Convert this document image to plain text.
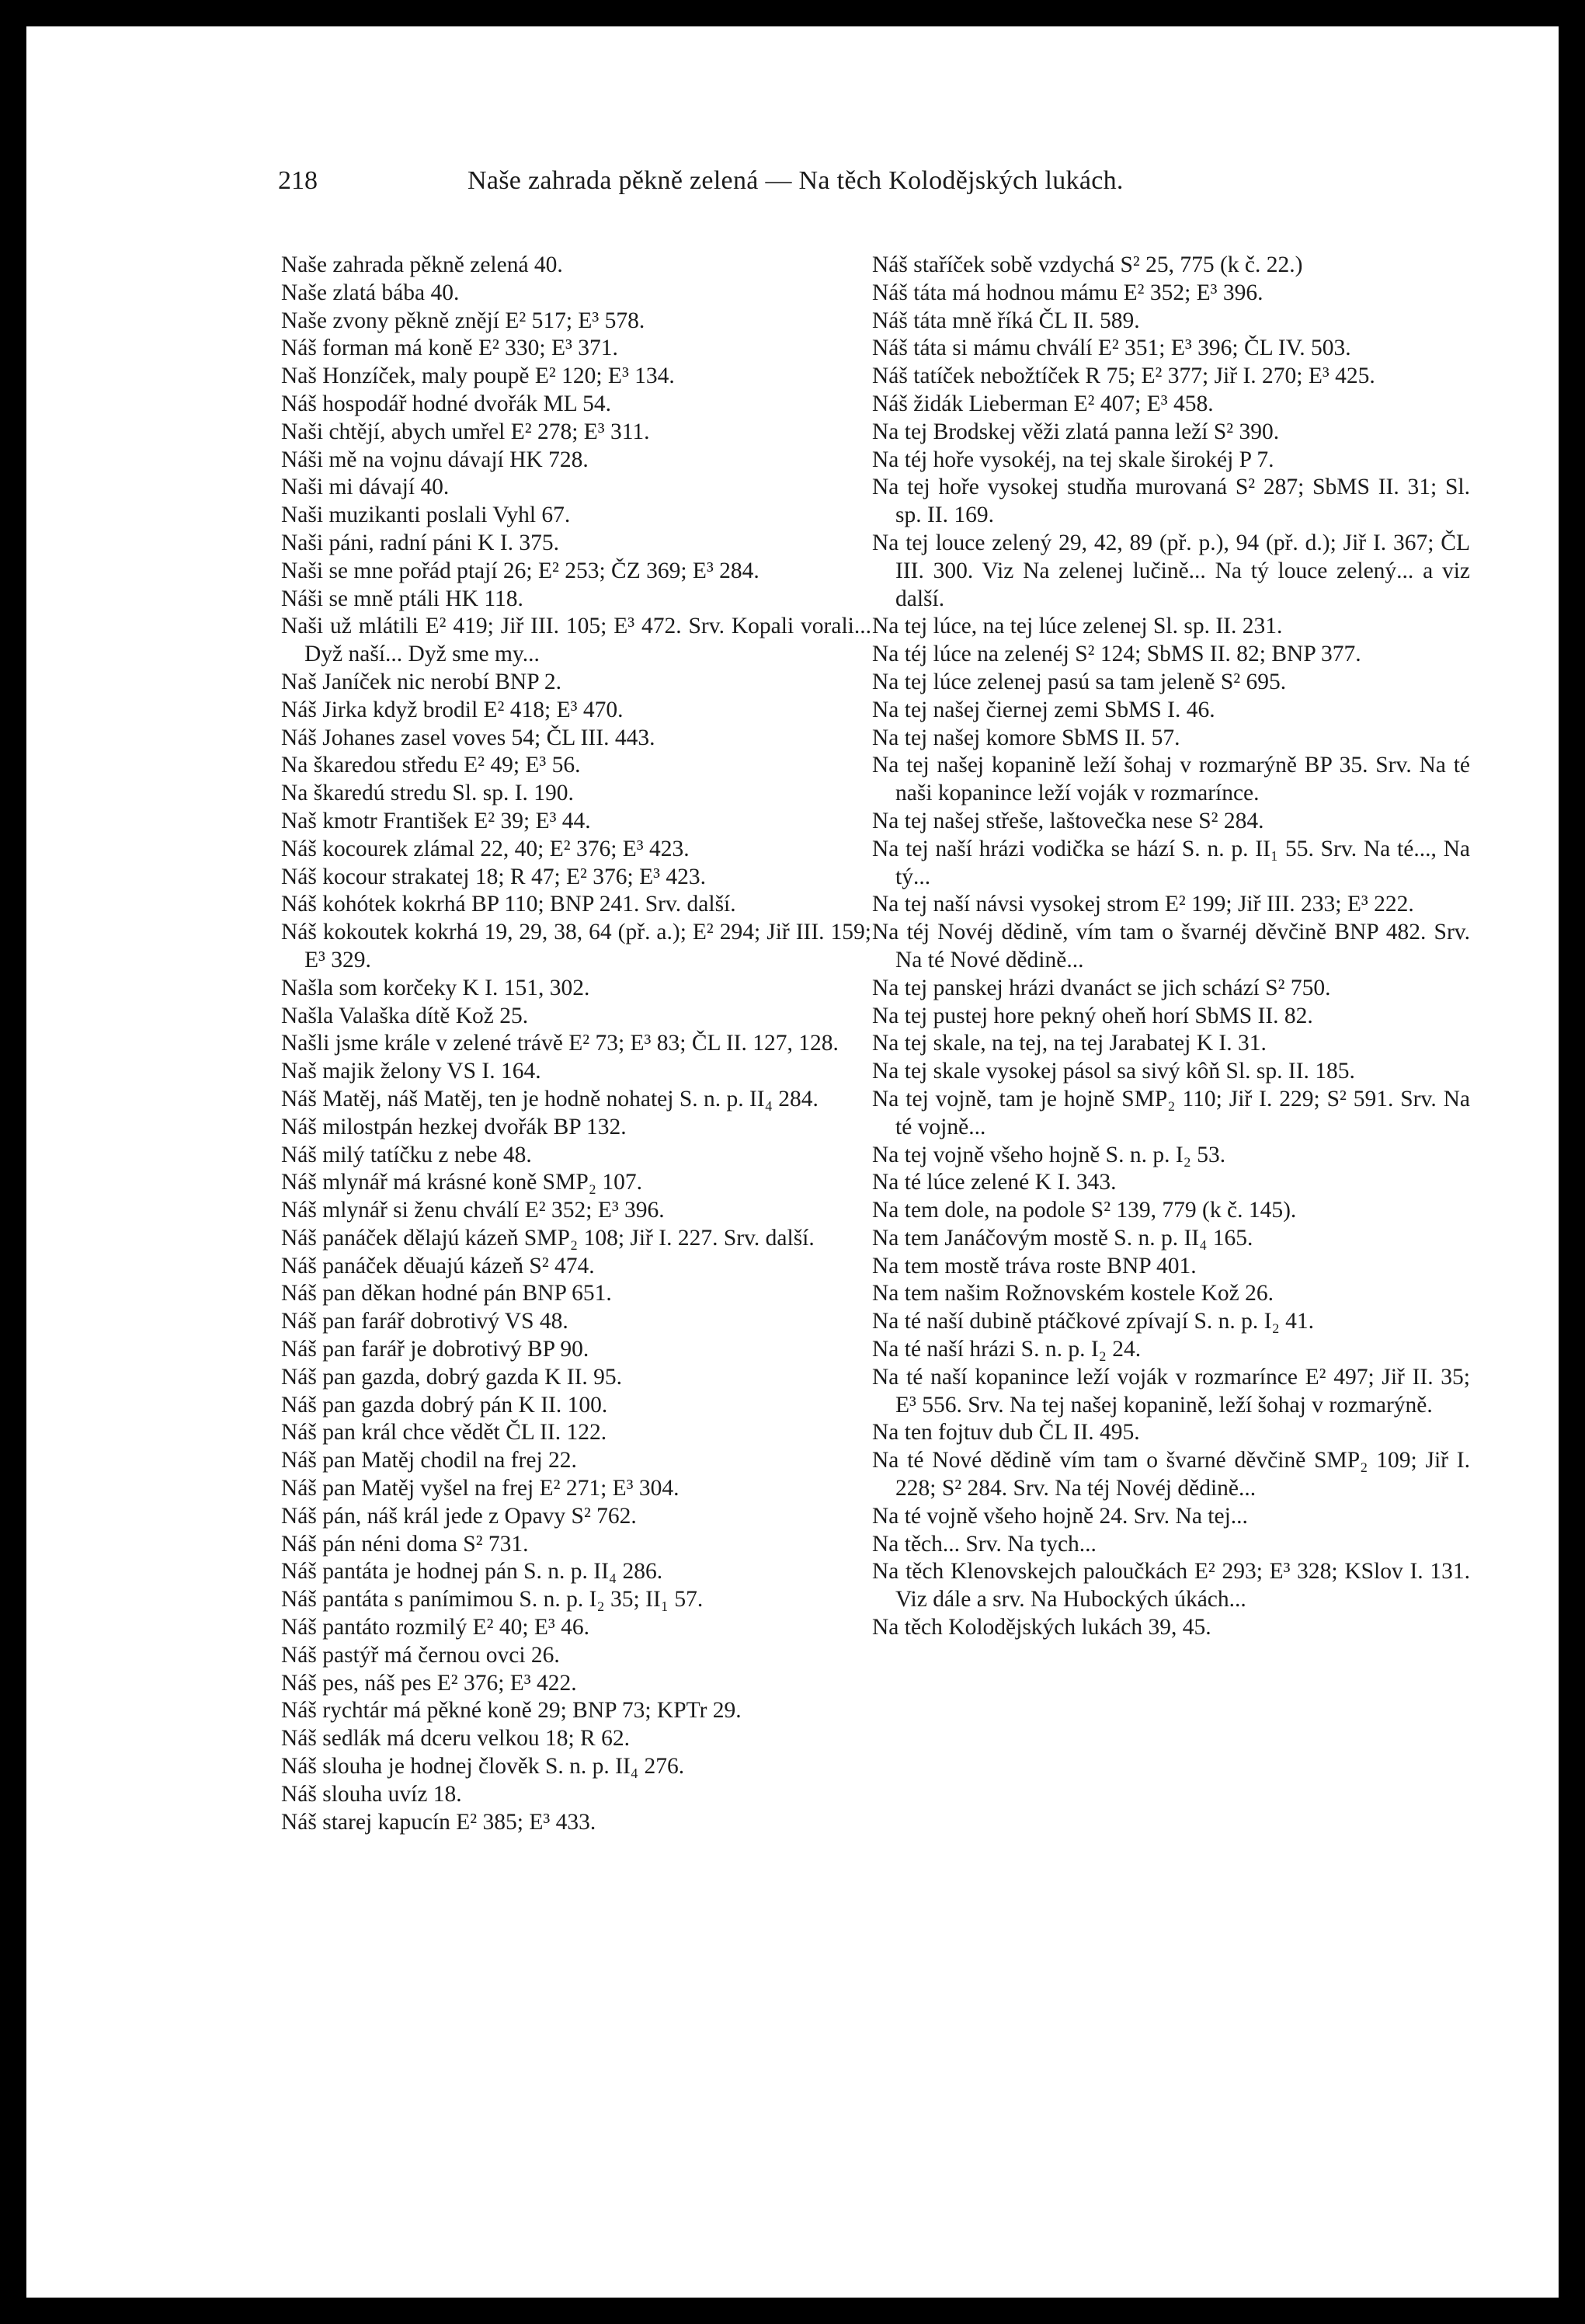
218	Naše zahrada pěkně zelená — Na těch Kolodějských lukách.
Naše zahrada pěkně zelená 40.
Naše zlatá bába 40.
Naše zvony pěkně znějí E² 517; E³ 578.
Náš forman má koně E² 330; E³ 371.
Naš Honzíček, maly poupě E² 120; E³ 134.
Náš hospodář hodné dvořák ML 54.
Naši chtějí, abych umřel E² 278; E³ 311.
Náši mě na vojnu dávají HK 728.
Naši mi dávají 40.
Naši muzikanti poslali Vyhl 67.
Naši páni, radní páni K I. 375.
Naši se mne pořád ptají 26; E² 253; ČZ 369; E³ 284.
Náši se mně ptáli HK 118.
Naši už mlátili E² 419; Jiř III. 105; E³ 472. Srv. Kopali vorali... Dyž naší... Dyž sme my...
Naš Janíček nic nerobí BNP 2.
Náš Jirka když brodil E² 418; E³ 470.
Náš Johanes zasel voves 54; ČL III. 443.
Na škaredou středu E² 49; E³ 56.
Na škaredú stredu Sl. sp. I. 190.
Naš kmotr František E² 39; E³ 44.
Náš kocourek zlámal 22, 40; E² 376; E³ 423.
Náš kocour strakatej 18; R 47; E² 376; E³ 423.
Náš kohótek kokrhá BP 110; BNP 241. Srv. další.
Náš kokoutek kokrhá 19, 29, 38, 64 (př. a.); E² 294; Jiř III. 159; E³ 329.
Našla som korčeky K I. 151, 302.
Našla Valaška dítě Kož 25.
Našli jsme krále v zelené trávě E² 73; E³ 83; ČL II. 127, 128.
Naš majik želony VS I. 164.
Náš Matěj, náš Matěj, ten je hodně nohatej S. n. p. II₄ 284.
Náš milostpán hezkej dvořák BP 132.
Náš milý tatíčku z nebe 48.
Náš mlynář má krásné koně SMP₂ 107.
Náš mlynář si ženu chválí E² 352; E³ 396.
Náš panáček dělajú kázeň SMP₂ 108; Jiř I. 227. Srv. další.
Náš panáček děuajú kázeň S² 474.
Náš pan děkan hodné pán BNP 651.
Náš pan farář dobrotivý VS 48.
Náš pan farář je dobrotivý BP 90.
Náš pan gazda, dobrý gazda K II. 95.
Náš pan gazda dobrý pán K II. 100.
Náš pan král chce vědět ČL II. 122.
Náš pan Matěj chodil na frej 22.
Náš pan Matěj vyšel na frej E² 271; E³ 304.
Náš pán, náš král jede z Opavy S² 762.
Náš pán néni doma S² 731.
Náš pantáta je hodnej pán S. n. p. II₄ 286.
Náš pantáta s panímimou S. n. p. I₂ 35; II₁ 57.
Náš pantáto rozmilý E² 40; E³ 46.
Náš pastýř má černou ovci 26.
Náš pes, náš pes E² 376; E³ 422.
Náš rychtár má pěkné koně 29; BNP 73; KPTr 29.
Náš sedlák má dceru velkou 18; R 62.
Náš slouha je hodnej člověk S. n. p. II₄ 276.
Náš slouha uvíz 18.
Náš starej kapucín E² 385; E³ 433.
Náš staříček sobě vzdychá S² 25, 775 (k č. 22.)
Náš táta má hodnou mámu E² 352; E³ 396.
Náš táta mně říká ČL II. 589.
Náš táta si mámu chválí E² 351; E³ 396; ČL IV. 503.
Náš tatíček nebožtíček R 75; E² 377; Jiř I. 270; E³ 425.
Náš židák Lieberman E² 407; E³ 458.
Na tej Brodskej věži zlatá panna leží S² 390.
Na téj hoře vysokéj, na tej skale širokéj P 7.
Na tej hoře vysokej studňa murovaná S² 287; SbMS II. 31; Sl. sp. II. 169.
Na tej louce zelený 29, 42, 89 (př. p.), 94 (př. d.); Jiř I. 367; ČL III. 300. Viz Na zelenej lučině... Na tý louce zelený... a viz další.
Na tej lúce, na tej lúce zelenej Sl. sp. II. 231.
Na téj lúce na zelenéj S² 124; SbMS II. 82; BNP 377.
Na tej lúce zelenej pasú sa tam jeleně S² 695.
Na tej našej čiernej zemi SbMS I. 46.
Na tej našej komore SbMS II. 57.
Na tej našej kopanině leží šohaj v rozmarýně BP 35. Srv. Na té naši kopanince leží voják v rozmarínce.
Na tej našej střeše, laštovečka nese S² 284.
Na tej naší hrázi vodička se hází S. n. p. II₁ 55. Srv. Na té..., Na tý...
Na tej naší návsi vysokej strom E² 199; Jiř III. 233; E³ 222.
Na téj Novéj dědině, vím tam o švarnéj děvčině BNP 482. Srv. Na té Nové dědině...
Na tej panskej hrázi dvanáct se jich schází S² 750.
Na tej pustej hore pekný oheň horí SbMS II. 82.
Na tej skale, na tej, na tej Jarabatej K I. 31.
Na tej skale vysokej pásol sa sivý kôň Sl. sp. II. 185.
Na tej vojně, tam je hojně SMP₂ 110; Jiř I. 229; S² 591. Srv. Na té vojně...
Na tej vojně všeho hojně S. n. p. I₂ 53.
Na té lúce zelené K I. 343.
Na tem dole, na podole S² 139, 779 (k č. 145).
Na tem Janáčovým mostě S. n. p. II₄ 165.
Na tem mostě tráva roste BNP 401.
Na tem našim Rožnovském kostele Kož 26.
Na té naší dubině ptáčkové zpívají S. n. p. I₂ 41.
Na té naší hrázi S. n. p. I₂ 24.
Na té naší kopanince leží voják v rozmarínce E² 497; Jiř II. 35; E³ 556. Srv. Na tej našej kopanině, leží šohaj v rozmarýně.
Na ten fojtuv dub ČL II. 495.
Na té Nové dědině vím tam o švarné děvčině SMP₂ 109; Jiř I. 228; S² 284. Srv. Na téj Novéj dědině...
Na té vojně všeho hojně 24. Srv. Na tej...
Na těch... Srv. Na tych...
Na těch Klenovskejch paloučkách E² 293; E³ 328; KSlov I. 131. Viz dále a srv. Na Hubockých úkách...
Na těch Kolodějských lukách 39, 45.
